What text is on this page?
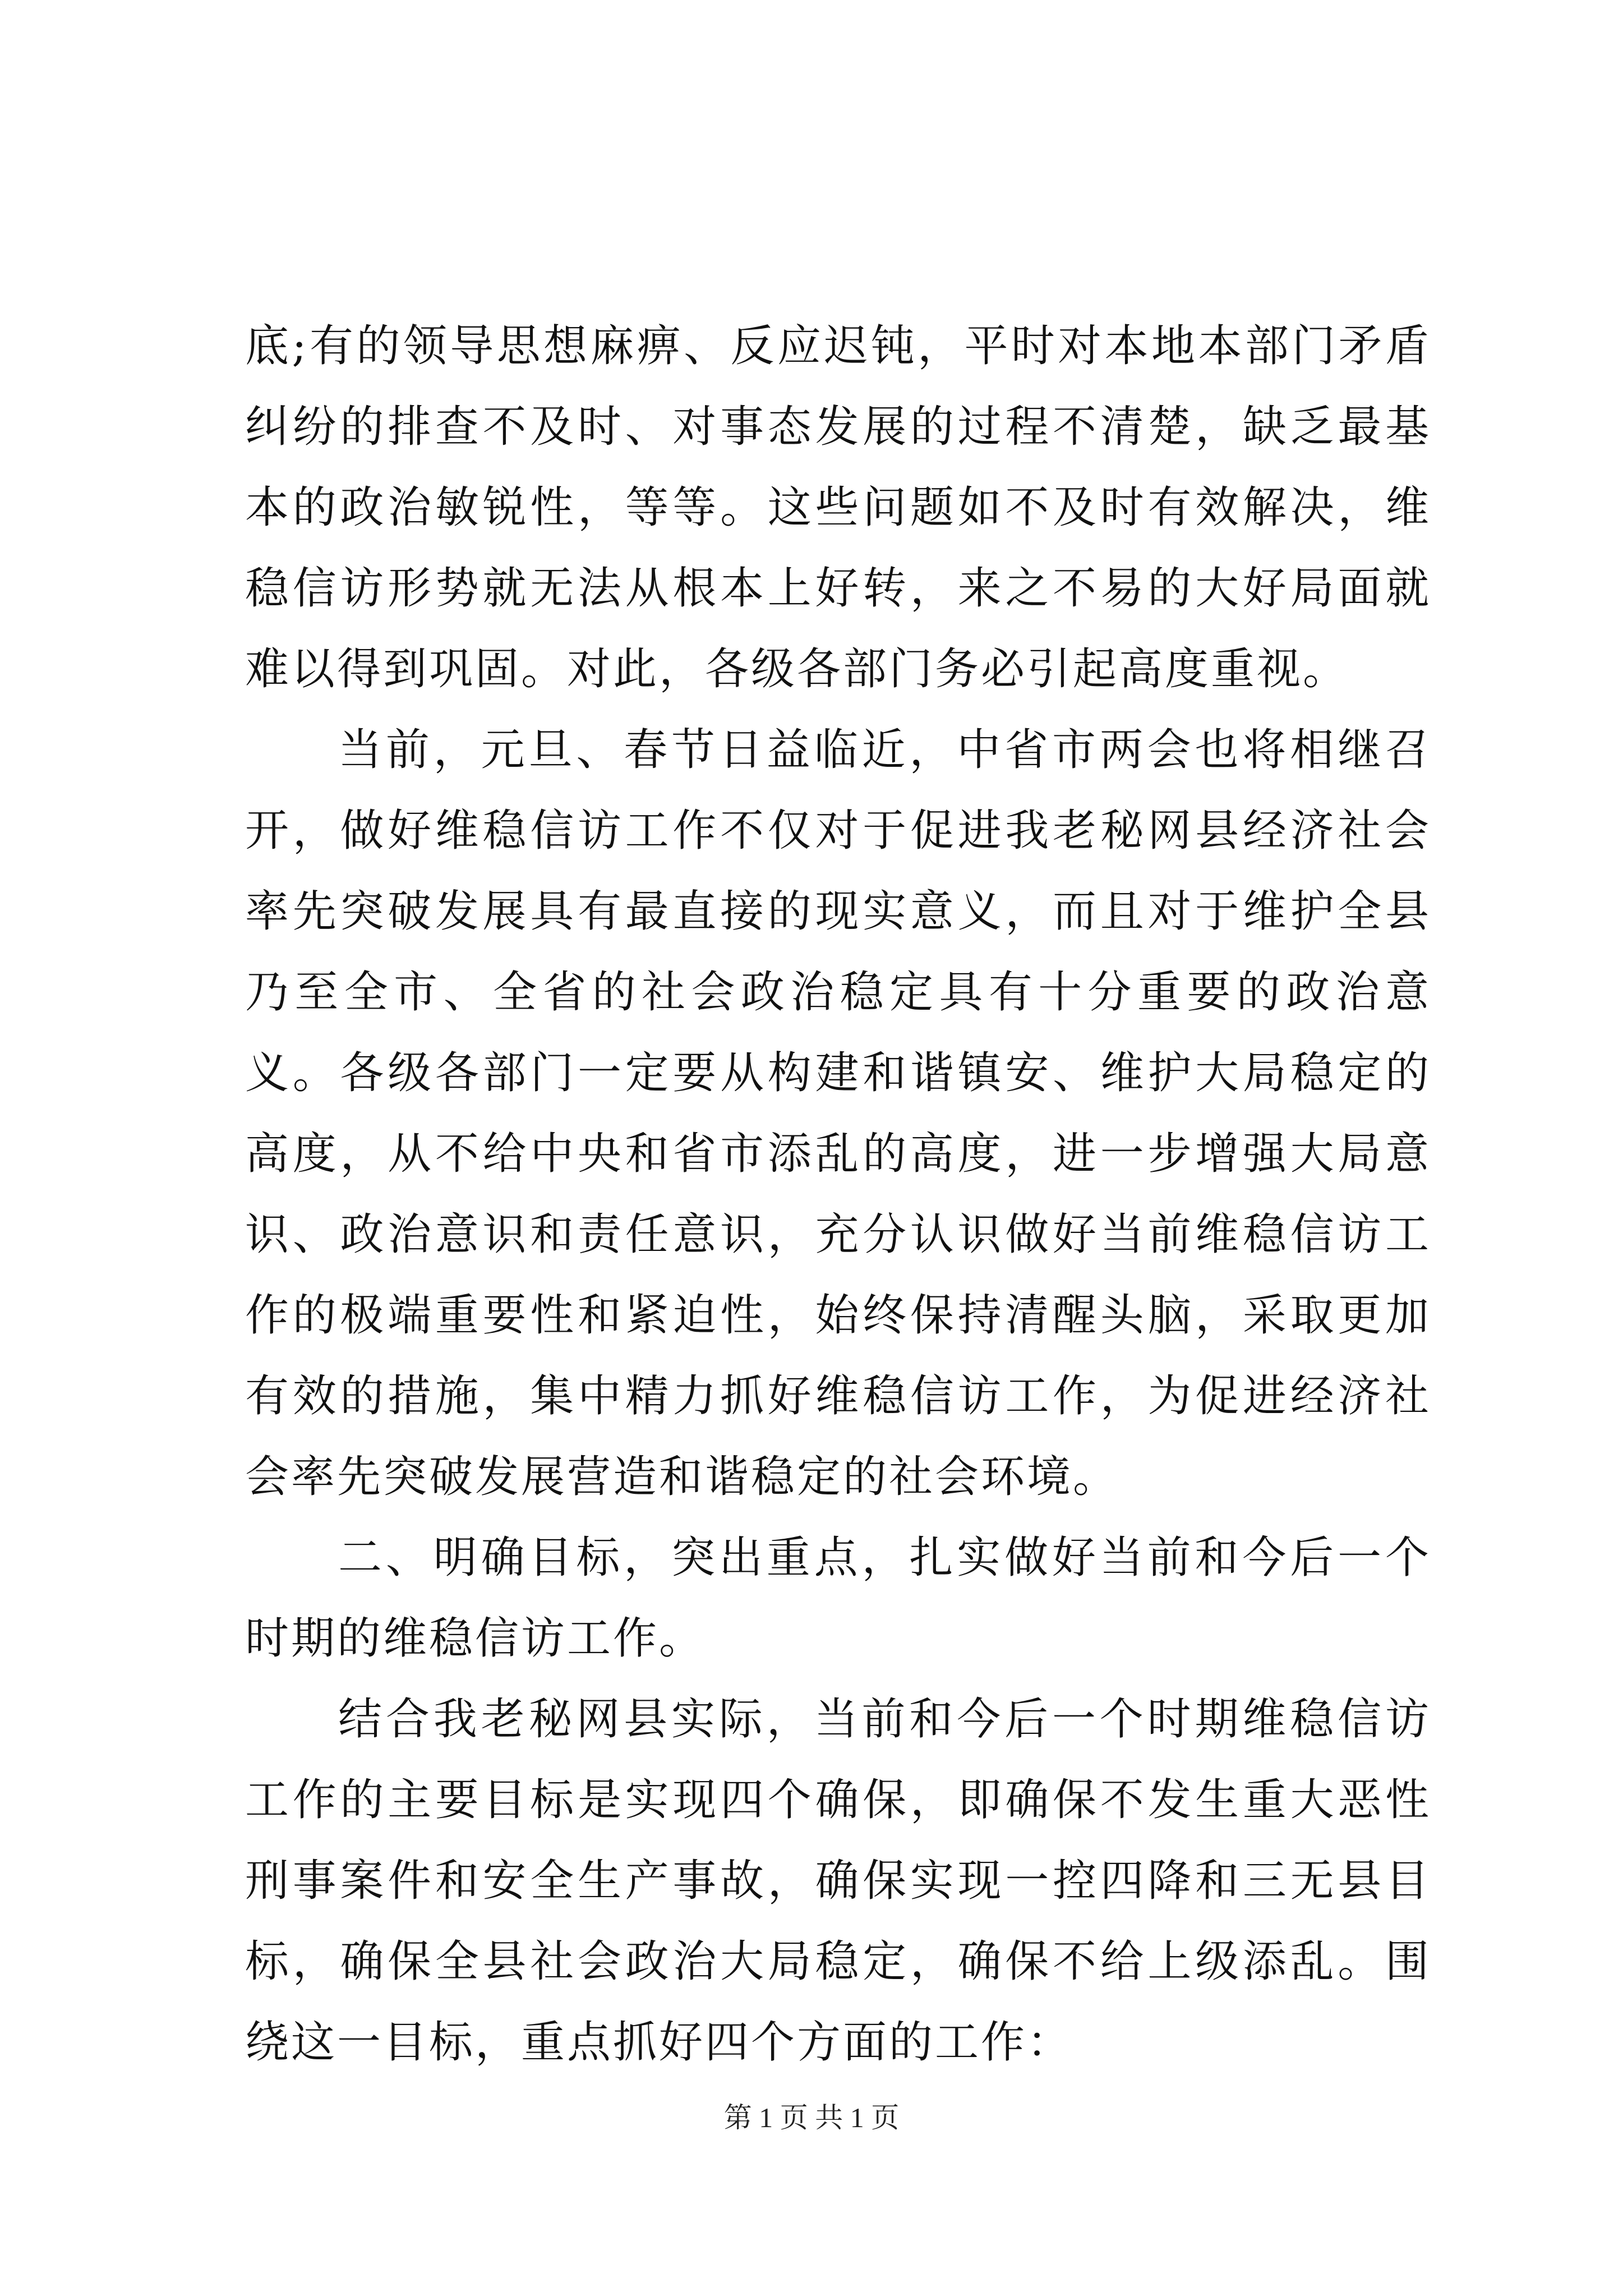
底;有的领导思想麻痹、反应迟钝，平时对本地本部门矛盾纠纷的排查不及时、对事态发展的过程不清楚，缺乏最基本的政治敏锐性，等等。这些问题如不及时有效解决，维稳信访形势就无法从根本上好转，来之不易的大好局面就难以得到巩固。对此，各级各部门务必引起高度重视。

当前，元旦、春节日益临近，中省市两会也将相继召开，做好维稳信访工作不仅对于促进我老秘网县经济社会率先突破发展具有最直接的现实意义，而且对于维护全县乃至全市、全省的社会政治稳定具有十分重要的政治意义。各级各部门一定要从构建和谐镇安、维护大局稳定的高度，从不给中央和省市添乱的高度，进一步增强大局意识、政治意识和责任意识，充分认识做好当前维稳信访工作的极端重要性和紧迫性，始终保持清醒头脑，采取更加有效的措施，集中精力抓好维稳信访工作，为促进经济社会率先突破发展营造和谐稳定的社会环境。

二、明确目标，突出重点，扎实做好当前和今后一个时期的维稳信访工作。

结合我老秘网县实际，当前和今后一个时期维稳信访工作的主要目标是实现四个确保，即确保不发生重大恶性刑事案件和安全生产事故，确保实现一控四降和三无县目标，确保全县社会政治大局稳定，确保不给上级添乱。围绕这一目标，重点抓好四个方面的工作：

第 1 页 共 1 页
